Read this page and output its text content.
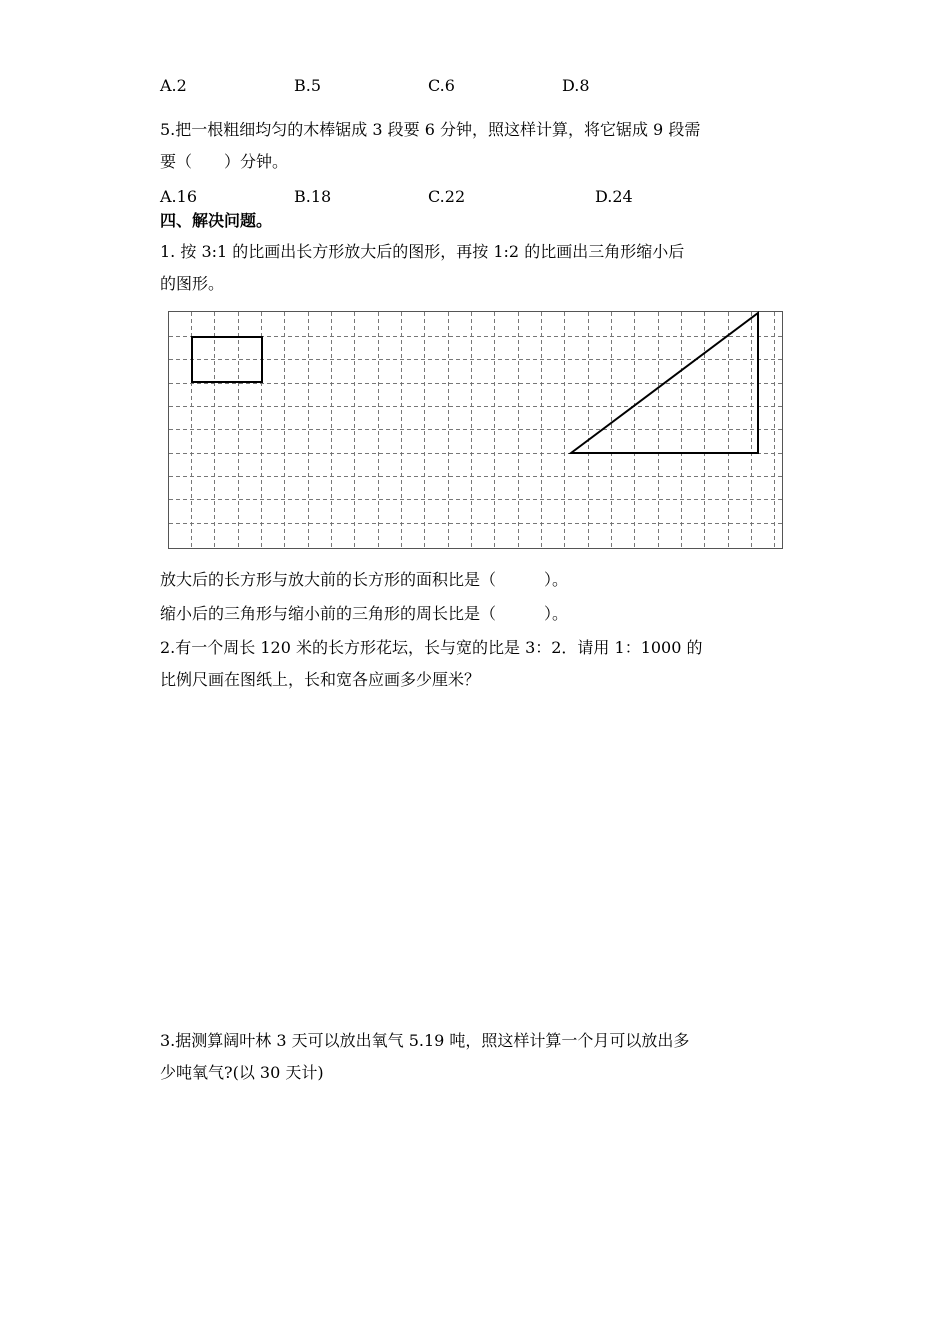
A.2	B.5	C.6	D.8
5.把一根粗细均匀的木棒锯成 3 段要 6 分钟，照这样计算，将它锯成 9 段需
要（　　）分钟。
A.16	B.18	C.22	D.24
四、解决问题。
1. 按 3:1 的比画出长方形放大后的图形，再按 1:2 的比画出三角形缩小后
的图形。
放大后的长方形与放大前的长方形的面积比是（　　　）。
缩小后的三角形与缩小前的三角形的周长比是（　　　）。
2.有一个周长 120 米的长方形花坛，长与宽的比是 3：2．请用 1：1000 的
比例尺画在图纸上，长和宽各应画多少厘米？
3.据测算阔叶林 3 天可以放出氧气 5.19 吨，照这样计算一个月可以放出多
少吨氧气?(以 30 天计)
